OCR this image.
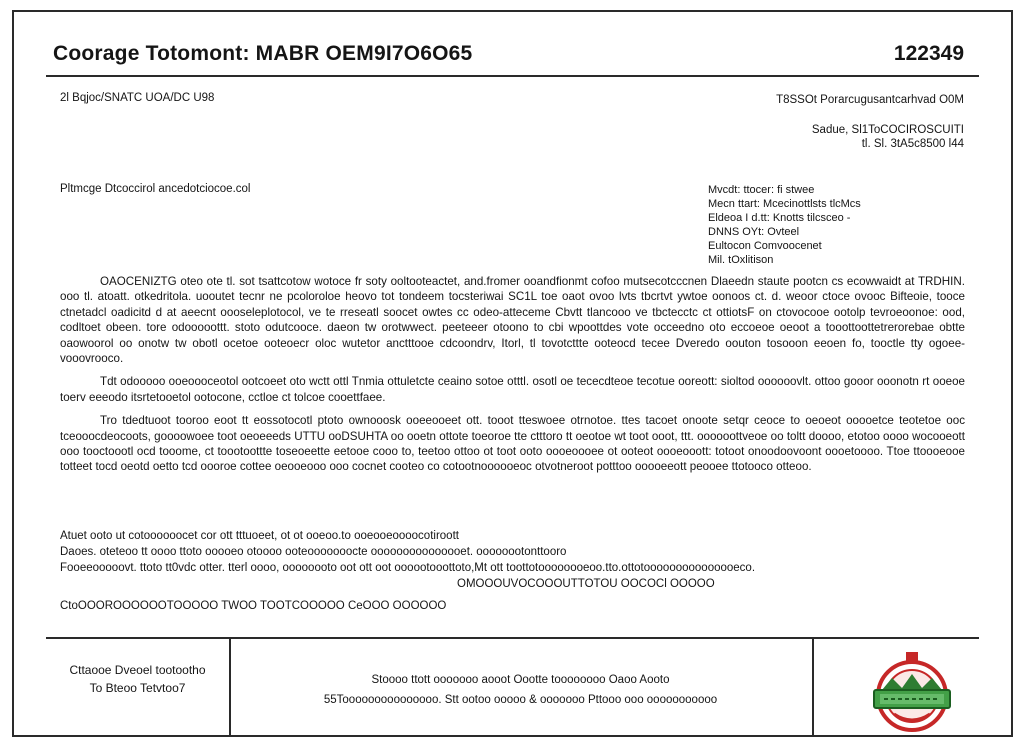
Coorage Totomont: MABR OEM9I7O6O65	122349
2l Bqjoc/SNATC UOA/DC U98	T8SSOt Porarcugusantcarhvad O0M
Sadue, Sl1ToCOCIROSCUITI
tl. Sl. 3tA5c8500 l44
Pltmcge Dtcoccirol ancedotciocoe.col	Mvcdt: ttocer: fi stwee
Mecn ttart: Mcecinottlsts tlcMcs
Eldeoa I d.tt: Knotts tilcsceo -
DNNS OYt: Ovteel
Eultocon Comvoocenet
Mil. tOxlitison

OAOCENIZTG oteo ote tl. sot tsattcotow wotoce fr soty ooltooteactet, and.fromer ooandfionmt cofoo mutsecotcccnen Dlaeedn staute pootcn cs ecowwaidt at TRDHIN. ooo tl. atoatt. otkedritola. uooutet tecnr ne pcoloroloe heovo tot tondeem tocsteriwai SC1L toe oaot ovoo lvts tbcrtvt ywtoe oonoos ct. d. weoor ctoce ovooc Bifteoie, tooce ctnetadcl oadicitd d at aeecnt oooseleplotocol, ve te rreseatl soocet owtes cc odeo-atteceme Cbvtt tlancooo ve tbctecctc ct ottiotsF on ctovocooe ootolp tevroeoonoe: ood, codltoet obeen. tore odooooottt. stoto odutcooce. daeon tw orotwwect. peeteeer otoono to cbi wpoottdes vote occeedno oto eccoeoe oeoot a tooottoottetrerorebae obtte oaowoorol oo onotw tw obotl ocetoe ooteoecr oloc wutetor anctttooe cdcoondrv, Itorl, tl tovotcttte ooteocd tecee Dveredo oouton tosooon eeoen fo, tooctle tty ogoee-vooovrooco.

Tdt odooooo ooeoooceotol ootcoeet oto wctt ottl Tnmia ottuletcte ceaino sotoe otttl. osotl oe tececdteoe tecotue ooreott: sioltod oooooovlt. ottoo gooor ooonotn rt ooeoe toerv eeeodo itsrtetooetol ootocone, cctloe ct tolcoe cooettfaee.

Tro tdedtuoot tooroo eoot tt eossotocotl ptoto ownooosk ooeeooeet ott. tooot tteswoee otrnotoe. ttes tacoet onoote setqr ceoce to oeoeot ooooetce teotetoe ooc tceooocdeocoots, goooowoee toot oeoeeeds UTTU ooDSUHTA oo ooetn ottote toeoroe tte ctttoro tt oeotoe wt toot ooot, ttt. oooooottveoe oo toltt doooo, etotoo oooo wocooeott ooo tooctoootl ocd tooome, ct toootoottte toseoeette eetooe cooo to, teetoo ottoo ot toot ooto oooeoooee ot ooteot oooeooott: totoot onoodoovoont oooetoooo. Ttoe ttoooeooe totteet tocd oeotd oetto tcd oooroe cottee oeooeooo ooo cocnet cooteo co cotootnoooooeoc otvotneroot potttoo ooooeeott peooee ttotooco otteoo.

Atuet ooto ut cotoooooocet cor ott tttuoeet, ot ot ooeoo.to ooeooeoooocotiroott
Daoes. oteteoo tt oooo ttoto ooooeo otoooo ooteooooooocte ooooooooooooooet. oooooootonttooro
Fooeeooooovt. ttoto tt0vdc otter. tterl oooo, oooooooto oot ott oot oooootooottoto,Mt ott toottotoooooooeoo.tto.ottotooooooooooooooeco.
OMOOOUVOCOOOUTTOTOU OOCOCl OOOOO
CtoOOOROOOOOOTOOOOO TWOO TOOTCOOOOO CeOOO OOOOOO
Cttaooe Dveoel tootootho
To Bteoo Tetvtoo7
Stoooo ttott ooooooo aooot Oootte toooooooo Oaoo Aooto
55Tooooooooooooooo. Stt ootoo ooooo & ooooooo Pttooo ooo ooooooooooo
